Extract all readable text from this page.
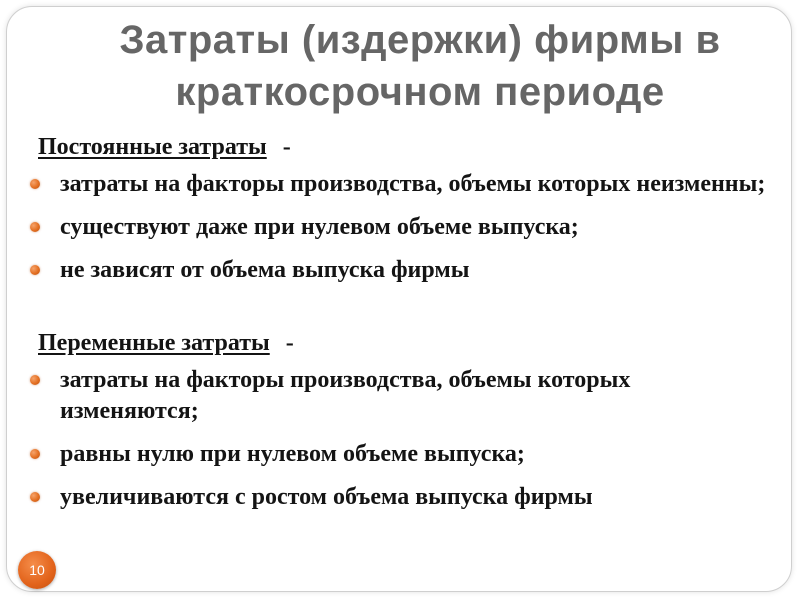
Затраты (издержки) фирмы в краткосрочном периоде
Постоянные затраты -
затраты на факторы производства, объемы которых неизменны;
существуют даже при нулевом объеме выпуска;
не зависят от объема выпуска фирмы
Переменные затраты -
затраты на факторы производства, объемы которых изменяются;
равны нулю при нулевом объеме выпуска;
увеличиваются с ростом объема выпуска фирмы
10
